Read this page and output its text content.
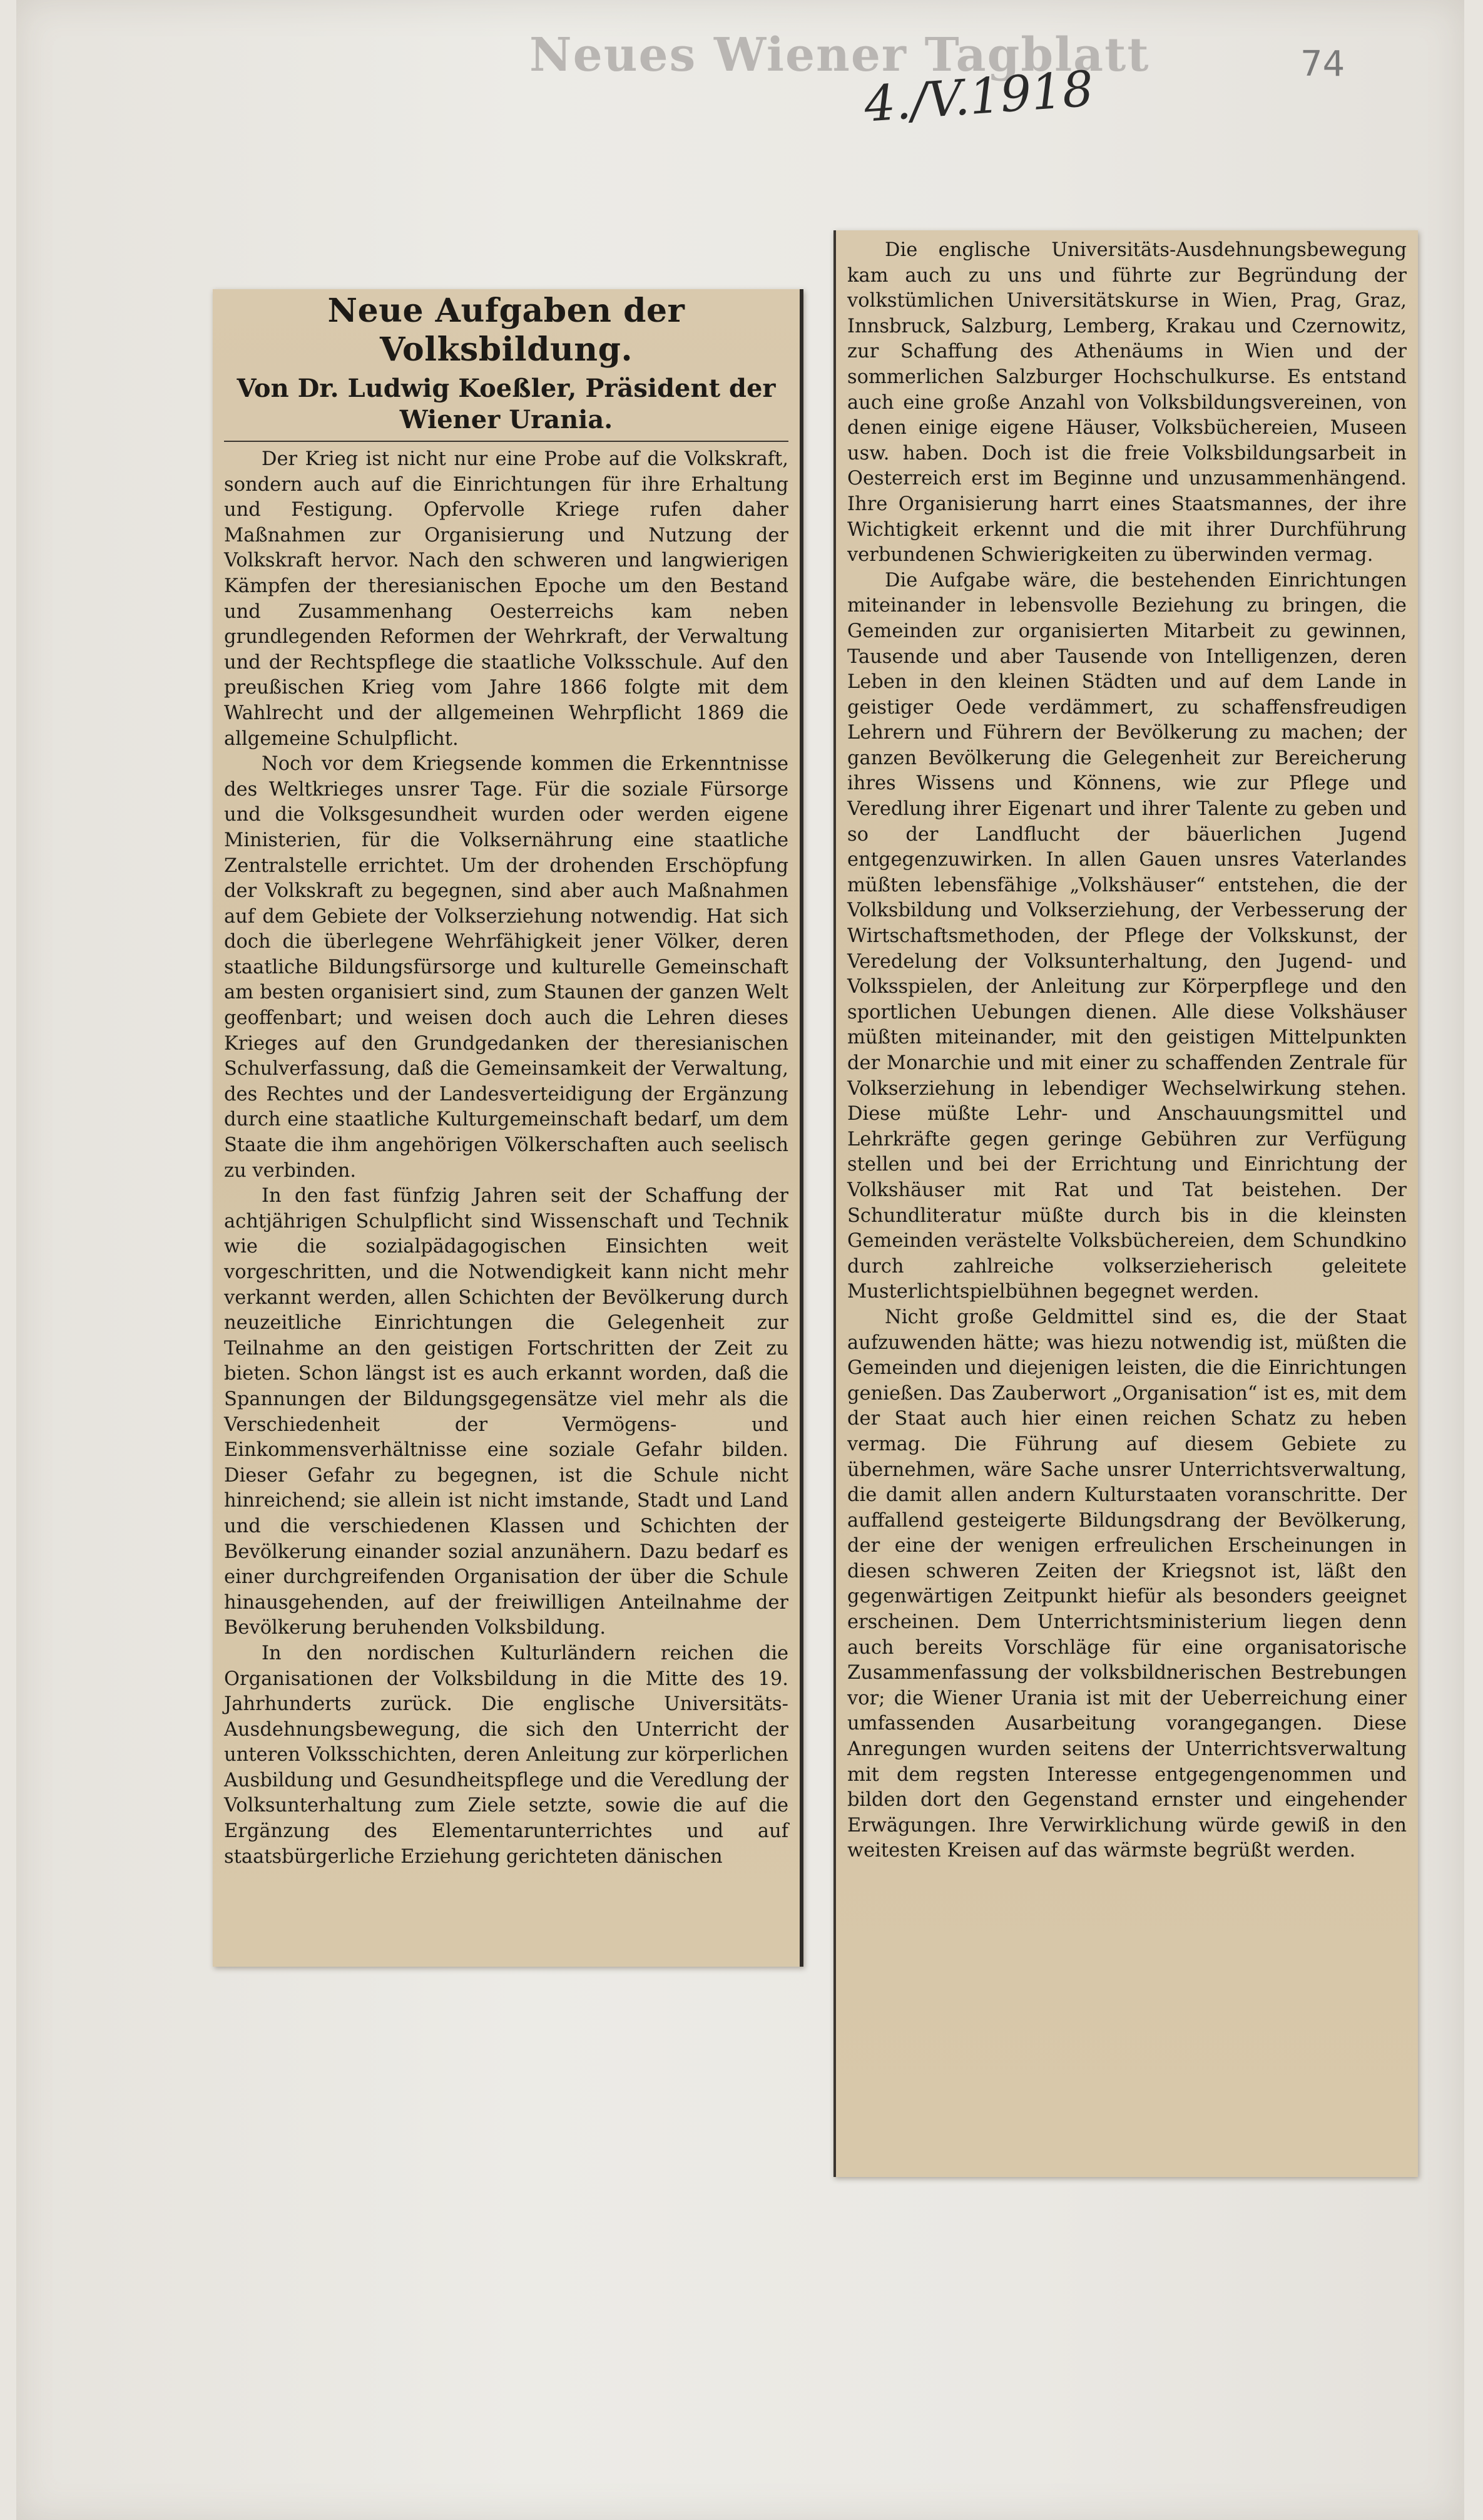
Neues Wiener Tagblatt
4./V.1918	74
Neue Aufgaben der Volksbildung.
Von Dr. Ludwig Koeßler, Präsident der Wiener Urania.

Der Krieg ist nicht nur eine Probe auf die Volkskraft, sondern auch auf die Einrichtungen für ihre Erhaltung und Festigung. Opfervolle Kriege rufen daher Maßnahmen zur Organisierung und Nutzung der Volkskraft hervor. Nach den schweren und langwierigen Kämpfen der theresianischen Epoche um den Bestand und Zusammenhang Oesterreichs kam neben grundlegenden Reformen der Wehrkraft, der Verwaltung und der Rechtspflege die staatliche Volksschule. Auf den preußischen Krieg vom Jahre 1866 folgte mit dem Wahlrecht und der allgemeinen Wehrpflicht 1869 die allgemeine Schulpflicht.

Noch vor dem Kriegsende kommen die Erkenntnisse des Weltkrieges unsrer Tage. Für die soziale Fürsorge und die Volksgesundheit wurden oder werden eigene Ministerien, für die Volksernährung eine staatliche Zentralstelle errichtet. Um der drohenden Erschöpfung der Volkskraft zu begegnen, sind aber auch Maßnahmen auf dem Gebiete der Volkserziehung notwendig. Hat sich doch die überlegene Wehrfähigkeit jener Völker, deren staatliche Bildungsfürsorge und kulturelle Gemeinschaft am besten organisiert sind, zum Staunen der ganzen Welt geoffenbart; und weisen doch auch die Lehren dieses Krieges auf den Grundgedanken der theresianischen Schulverfassung, daß die Gemeinsamkeit der Verwaltung, des Rechtes und der Landesverteidigung der Ergänzung durch eine staatliche Kulturgemeinschaft bedarf, um dem Staate die ihm angehörigen Völkerschaften auch seelisch zu verbinden.

In den fast fünfzig Jahren seit der Schaffung der achtjährigen Schulpflicht sind Wissenschaft und Technik wie die sozialpädagogischen Einsichten weit vorgeschritten, und die Notwendigkeit kann nicht mehr verkannt werden, allen Schichten der Bevölkerung durch neuzeitliche Einrichtungen die Gelegenheit zur Teilnahme an den geistigen Fortschritten der Zeit zu bieten. Schon längst ist es auch erkannt worden, daß die Spannungen der Bildungsgegensätze viel mehr als die Verschiedenheit der Vermögens- und Einkommensverhältnisse eine soziale Gefahr bilden. Dieser Gefahr zu begegnen, ist die Schule nicht hinreichend; sie allein ist nicht imstande, Stadt und Land und die verschiedenen Klassen und Schichten der Bevölkerung einander sozial anzunähern. Dazu bedarf es einer durchgreifenden Organisation der über die Schule hinausgehenden, auf der freiwilligen Anteilnahme der Bevölkerung beruhenden Volksbildung.

In den nordischen Kulturländern reichen die Organisationen der Volksbildung in die Mitte des 19. Jahrhunderts zurück. Die englische Universitäts-Ausdehnungsbewegung, die sich den Unterricht der unteren Volksschichten, deren Anleitung zur körperlichen Ausbildung und Gesundheitspflege und die Veredlung der Volksunterhaltung zum Ziele setzte, sowie die auf die Ergänzung des Elementarunterrichtes und auf staatsbürgerliche Erziehung gerichteten dänischen

Die englische Universitäts-Ausdehnungsbewegung kam auch zu uns und führte zur Begründung der volkstümlichen Universitätskurse in Wien, Prag, Graz, Innsbruck, Salzburg, Lemberg, Krakau und Czernowitz, zur Schaffung des Athenäums in Wien und der sommerlichen Salzburger Hochschulkurse. Es entstand auch eine große Anzahl von Volksbildungsvereinen, von denen einige eigene Häuser, Volksbüchereien, Museen usw. haben. Doch ist die freie Volksbildungsarbeit in Oesterreich erst im Beginne und unzusammenhängend. Ihre Organisierung harrt eines Staatsmannes, der ihre Wichtigkeit erkennt und die mit ihrer Durchführung verbundenen Schwierigkeiten zu überwinden vermag.

Die Aufgabe wäre, die bestehenden Einrichtungen miteinander in lebensvolle Beziehung zu bringen, die Gemeinden zur organisierten Mitarbeit zu gewinnen, Tausende und aber Tausende von Intelligenzen, deren Leben in den kleinen Städten und auf dem Lande in geistiger Oede verdämmert, zu schaffensfreudigen Lehrern und Führern der Bevölkerung zu machen; der ganzen Bevölkerung die Gelegenheit zur Bereicherung ihres Wissens und Könnens, wie zur Pflege und Veredlung ihrer Eigenart und ihrer Talente zu geben und so der Landflucht der bäuerlichen Jugend entgegenzuwirken. In allen Gauen unsres Vaterlandes müßten lebensfähige „Volkshäuser“ entstehen, die der Volksbildung und Volkserziehung, der Verbesserung der Wirtschaftsmethoden, der Pflege der Volkskunst, der Veredelung der Volksunterhaltung, den Jugend- und Volksspielen, der Anleitung zur Körperpflege und den sportlichen Uebungen dienen. Alle diese Volkshäuser müßten miteinander, mit den geistigen Mittelpunkten der Monarchie und mit einer zu schaffenden Zentrale für Volkserziehung in lebendiger Wechselwirkung stehen. Diese müßte Lehr- und Anschauungsmittel und Lehrkräfte gegen geringe Gebühren zur Verfügung stellen und bei der Errichtung und Einrichtung der Volkshäuser mit Rat und Tat beistehen. Der Schundliteratur müßte durch bis in die kleinsten Gemeinden verästelte Volksbüchereien, dem Schundkino durch zahlreiche volkserzieherisch geleitete Musterlichtspielbühnen begegnet werden.

Nicht große Geldmittel sind es, die der Staat aufzuwenden hätte; was hiezu notwendig ist, müßten die Gemeinden und diejenigen leisten, die die Einrichtungen genießen. Das Zauberwort „Organisation“ ist es, mit dem der Staat auch hier einen reichen Schatz zu heben vermag. Die Führung auf diesem Gebiete zu übernehmen, wäre Sache unsrer Unterrichtsverwaltung, die damit allen andern Kulturstaaten voranschritte. Der auffallend gesteigerte Bildungsdrang der Bevölkerung, der eine der wenigen erfreulichen Erscheinungen in diesen schweren Zeiten der Kriegsnot ist, läßt den gegenwärtigen Zeitpunkt hiefür als besonders geeignet erscheinen. Dem Unterrichtsministerium liegen denn auch bereits Vorschläge für eine organisatorische Zusammenfassung der volksbildnerischen Bestrebungen vor; die Wiener Urania ist mit der Ueberreichung einer umfassenden Ausarbeitung vorangegangen. Diese Anregungen wurden seitens der Unterrichtsverwaltung mit dem regsten Interesse entgegengenommen und bilden dort den Gegenstand ernster und eingehender Erwägungen. Ihre Verwirklichung würde gewiß in den weitesten Kreisen auf das wärmste begrüßt werden.
